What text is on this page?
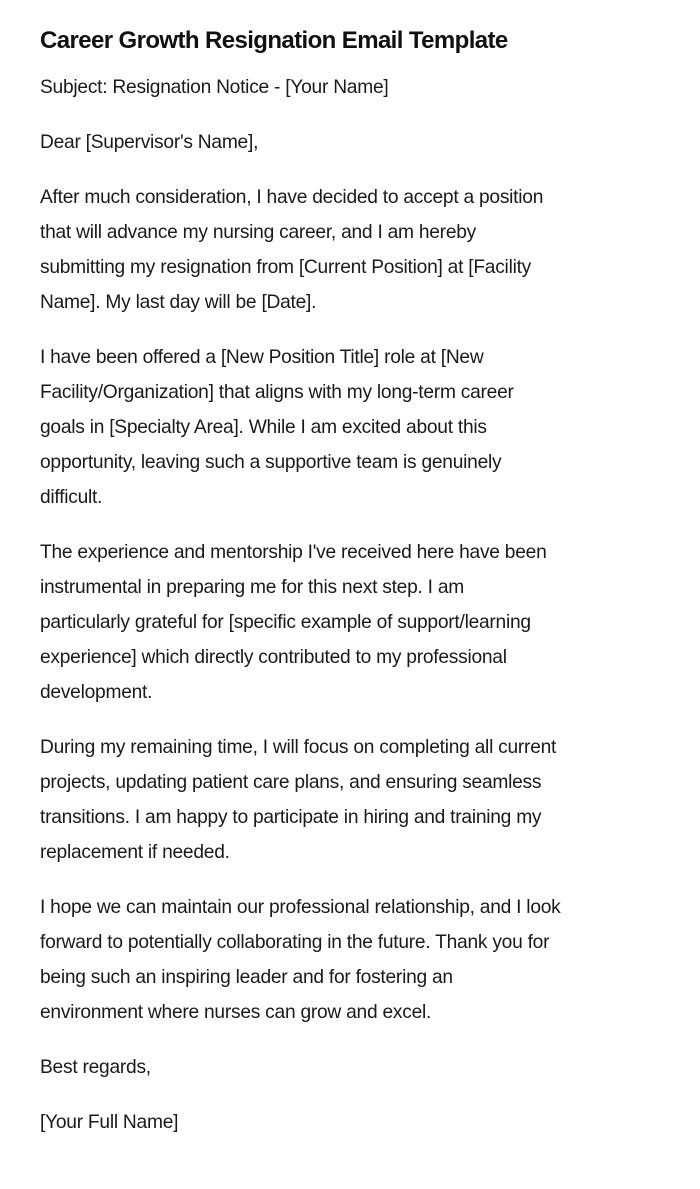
Career Growth Resignation Email Template

Subject: Resignation Notice - [Your Name]

Dear [Supervisor's Name],

After much consideration, I have decided to accept a position
that will advance my nursing career, and I am hereby
submitting my resignation from [Current Position] at [Facility
Name]. My last day will be [Date].

I have been offered a [New Position Title] role at [New
Facility/Organization] that aligns with my long-term career
goals in [Specialty Area]. While I am excited about this
opportunity, leaving such a supportive team is genuinely
difficult.

The experience and mentorship I've received here have been
instrumental in preparing me for this next step. I am
particularly grateful for [specific example of support/learning
experience] which directly contributed to my professional
development.

During my remaining time, I will focus on completing all current
projects, updating patient care plans, and ensuring seamless
transitions. I am happy to participate in hiring and training my
replacement if needed.

I hope we can maintain our professional relationship, and I look
forward to potentially collaborating in the future. Thank you for
being such an inspiring leader and for fostering an
environment where nurses can grow and excel.

Best regards,

[Your Full Name]
